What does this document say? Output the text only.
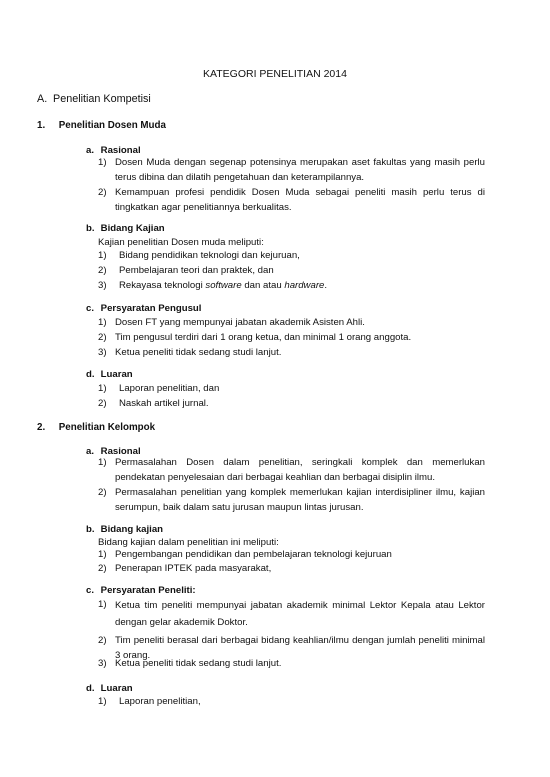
KATEGORI PENELITIAN 2014
A. Penelitian Kompetisi
1. Penelitian Dosen Muda
a. Rasional
1) Dosen Muda dengan segenap potensinya merupakan aset fakultas yang masih perlu terus dibina dan dilatih pengetahuan dan keterampilannya.
2) Kemampuan profesi pendidik Dosen Muda sebagai peneliti masih perlu terus di tingkatkan agar penelitiannya berkualitas.
b. Bidang Kajian
Kajian penelitian Dosen muda meliputi:
1)	Bidang pendidikan teknologi dan kejuruan,
2)	Pembelajaran teori dan praktek, dan
3)	Rekayasa teknologi software dan atau hardware.
c. Persyaratan Pengusul
1) Dosen FT yang mempunyai jabatan akademik Asisten Ahli.
2) Tim pengusul terdiri dari 1 orang ketua, dan minimal 1 orang anggota.
3) Ketua peneliti tidak sedang studi lanjut.
d. Luaran
1)	Laporan penelitian, dan
2)	Naskah artikel jurnal.
2. Penelitian Kelompok
a. Rasional
1) Permasalahan Dosen dalam penelitian, seringkali komplek dan memerlukan pendekatan penyelesaian dari berbagai keahlian dan berbagai disiplin ilmu.
2) Permasalahan penelitian yang komplek memerlukan kajian interdisipliner ilmu, kajian serumpun, baik dalam satu jurusan maupun lintas jurusan.
b. Bidang kajian
Bidang kajian dalam penelitian ini meliputi:
1) Pengembangan pendidikan dan pembelajaran teknologi kejuruan
2) Penerapan IPTEK pada masyarakat,
c. Persyaratan Peneliti:
1) Ketua tim peneliti mempunyai jabatan akademik minimal Lektor Kepala atau Lektor dengan gelar akademik Doktor.
2) Tim peneliti berasal dari berbagai bidang keahlian/ilmu dengan jumlah peneliti minimal 3 orang.
3) Ketua peneliti tidak sedang studi lanjut.
d. Luaran
1)	Laporan penelitian,
